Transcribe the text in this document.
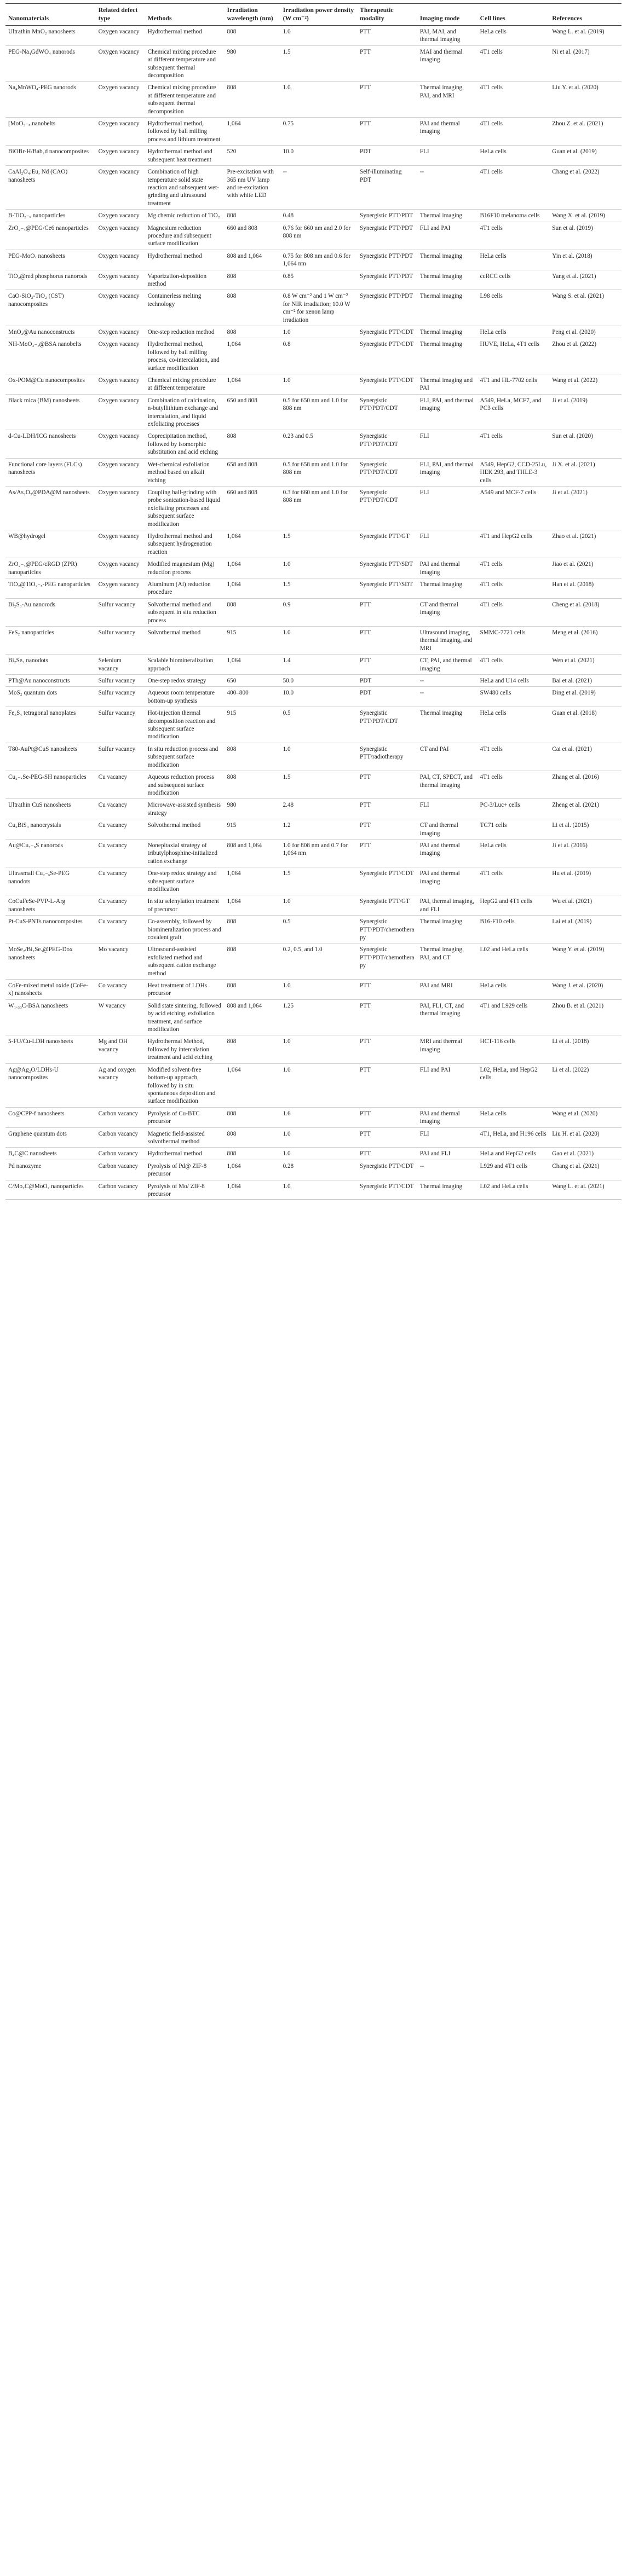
Nanomaterials	Related defect type	Methods	Irradiation wavelength (nm)	Irradiation power density (W cm⁻²)	Therapeutic modality	Imaging mode	Cell lines	References
Ultrathin MnO₂ nanosheets	Oxygen vacancy	Hydrothermal method	808	1.0	PTT	PAI, MAI, and thermal imaging	HeLa cells	Wang L. et al. (2019)
PEG-Na₄GdWO₄ nanorods	Oxygen vacancy	Chemical mixing procedure at different temperature and subsequent thermal decomposition	980	1.5	PTT	MAI and thermal imaging	4T1 cells	Ni et al. (2017)
Na₄MnWO₄-PEG nanorods	Oxygen vacancy	Chemical mixing procedure at different temperature and subsequent thermal decomposition	808	1.0	PTT	Thermal imaging, PAI, and MRI	4T1 cells	Liu Y. et al. (2020)
[MoO₃₋ₓ nanobelts	Oxygen vacancy	Hydrothermal method, followed by ball milling process and lithium treatment	1,064	0.75	PTT	PAI and thermal imaging	4T1 cells	Zhou Z. et al. (2021)
BiOBr-H/Bab₂d nanocomposites	Oxygen vacancy	Hydrothermal method and subsequent heat treatment	520	10.0	PDT	FLI	HeLa cells	Guan et al. (2019)
CaAl₂O₄:Eu, Nd (CAO) nanosheets	Oxygen vacancy	Combination of high temperature solid state reaction and subsequent wet-grinding and ultrasound treatment	Pre-excitation with 365 nm UV lamp and re-excitation with white LED	--	Self-illuminating PDT	--	4T1 cells	Chang et al. (2022)
B-TiO₂₋ₓ nanoparticles	Oxygen vacancy	Mg chemic reduction of TiO₂	808	0.48	Synergistic PTT/PDT	Thermal imaging	B16F10 melanoma cells	Wang X. et al. (2019)
ZrO₂₋ₓ@PEG/Ce6 nanoparticles	Oxygen vacancy	Magnesium reduction procedure and subsequent surface modification	660 and 808	0.76 for 660 nm and 2.0 for 808 nm	Synergistic PTT/PDT	FLI and PAI	4T1 cells	Sun et al. (2019)
PEG-MoOₓ nanosheets	Oxygen vacancy	Hydrothermal method	808 and 1,064	0.75 for 808 nm and 0.6 for 1,064 nm	Synergistic PTT/PDT	Thermal imaging	HeLa cells	Yin et al. (2018)
TiO₂@red phosphorus nanorods	Oxygen vacancy	Vaporization-deposition method	808	0.85	Synergistic PTT/PDT	Thermal imaging	ccRCC cells	Yang et al. (2021)
CaO-SiO₂-TiO₂ (CST) nanocomposites	Oxygen vacancy	Containerless melting technology	808	0.8 W cm⁻² and 1 W cm⁻² for NIR irradiation; 10.0 W cm⁻² for xenon lamp irradiation	Synergistic PTT/PDT	Thermal imaging	L98 cells	Wang S. et al. (2021)
MnO₂@Au nanoconstructs	Oxygen vacancy	One-step reduction method	808	1.0	Synergistic PTT/CDT	Thermal imaging	HeLa cells	Peng et al. (2020)
NH-MoO₃₋ₓ@BSA nanobelts	Oxygen vacancy	Hydrothermal method, followed by ball milling process, co-intercalation, and surface modification	1,064	0.8	Synergistic PTT/CDT	Thermal imaging	HUVE, HeLa, 4T1 cells	Zhou et al. (2022)
Ox-POM@Cu nanocomposites	Oxygen vacancy	Chemical mixing procedure at different temperature	1,064	1.0	Synergistic PTT/CDT	Thermal imaging and PAI	4T1 and HL-7702 cells	Wang et al. (2022)
Black mica (BM) nanosheets	Oxygen vacancy	Combination of calcination, n-butyllithium exchange and intercalation, and liquid exfoliating processes	650 and 808	0.5 for 650 nm and 1.0 for 808 nm	Synergistic PTT/PDT/CDT	FLI, PAI, and thermal imaging	A549, HeLa, MCF7, and PC3 cells	Ji et al. (2019)
d-Cu-LDH/ICG nanosheets	Oxygen vacancy	Coprecipitation method, followed by isomorphic substitution and acid etching	808	0.23 and 0.5	Synergistic PTT/PDT/CDT	FLI	4T1 cells	Sun et al. (2020)
Functional core layers (FLCs) nanosheets	Oxygen vacancy	Wet-chemical exfoliation method based on alkali etching	658 and 808	0.5 for 658 nm and 1.0 for 808 nm	Synergistic PTT/PDT/CDT	FLI, PAI, and thermal imaging	A549, HepG2, CCD-25Lu, HEK 293, and THLE-3 cells	Ji X. et al. (2021)
As/As₂O₃@PDA@M nanosheets	Oxygen vacancy	Coupling ball-grinding with probe sonication-based liquid exfoliating processes and subsequent surface modification	660 and 808	0.3 for 660 nm and 1.0 for 808 nm	Synergistic PTT/PDT/CDT	FLI	A549 and MCF-7 cells	Ji et al. (2021)
WB@hydrogel	Oxygen vacancy	Hydrothermal method and subsequent hydrogenation reaction	1,064	1.5	Synergistic PTT/GT	FLI	4T1 and HepG2 cells	Zhao et al. (2021)
ZrO₂₋ₓ@PEG/cRGD (ZPR) nanoparticles	Oxygen vacancy	Modified magnesium (Mg) reduction process	1,064	1.0	Synergistic PTT/SDT	PAI and thermal imaging	4T1 cells	Jiao et al. (2021)
TiO₂@TiO₂₋ₓ-PEG nanoparticles	Oxygen vacancy	Aluminum (Al) reduction procedure	1,064	1.5	Synergistic PTT/SDT	Thermal imaging	4T1 cells	Han et al. (2018)
Bi₂S₃-Au nanorods	Sulfur vacancy	Solvothermal method and subsequent in situ reduction process	808	0.9	PTT	CT and thermal imaging	4T1 cells	Cheng et al. (2018)
FeS₂ nanoparticles	Sulfur vacancy	Solvothermal method	915	1.0	PTT	Ultrasound imaging, thermal imaging, and MRI	SMMC-7721 cells	Meng et al. (2016)
Bi₂Se₃ nanodots	Selenium vacancy	Scalable biomineralization approach	1,064	1.4	PTT	CT, PAI, and thermal imaging	4T1 cells	Wen et al. (2021)
PTh@Au nanoconstructs	Sulfur vacancy	One-step redox strategy	650	50.0	PDT	--	HeLa and U14 cells	Bai et al. (2021)
MoS₂ quantum dots	Sulfur vacancy	Aqueous room temperature bottom-up synthesis	400–800	10.0	PDT	--	SW480 cells	Ding et al. (2019)
Fe₃S₄ tetragonal nanoplates	Sulfur vacancy	Hot-injection thermal decomposition reaction and subsequent surface modification	915	0.5	Synergistic PTT/PDT/CDT	Thermal imaging	HeLa cells	Guan et al. (2018)
T80-AuPt@CuS nanosheets	Sulfur vacancy	In situ reduction process and subsequent surface modification	808	1.0	Synergistic PTT/radiotherapy	CT and PAI	4T1 cells	Cai et al. (2021)
Cu₂₋ₓSe-PEG-SH nanoparticles	Cu vacancy	Aqueous reduction process and subsequent surface modification	808	1.5	PTT	PAI, CT, SPECT, and thermal imaging	4T1 cells	Zhang et al. (2016)
Ultrathin CuS nanosheets	Cu vacancy	Microwave-assisted synthesis strategy	980	2.48	PTT	FLI	PC-3/Luc+ cells	Zheng et al. (2021)
Cu₂BiS₃ nanocrystals	Cu vacancy	Solvothermal method	915	1.2	PTT	CT and thermal imaging	TC71 cells	Li et al. (2015)
Au@Cu₂₋ₓS nanorods	Cu vacancy	Nonepitaxial strategy of tributylphosphine-initialized cation exchange	808 and 1,064	1.0 for 808 nm and 0.7 for 1,064 nm	PTT	PAI and thermal imaging	HeLa cells	Ji et al. (2016)
Ultrasmall Cu₂₋ₓSe-PEG nanodots	Cu vacancy	One-step redox strategy and subsequent surface modification	1,064	1.5	Synergistic PTT/CDT	PAI and thermal imaging	4T1 cells	Hu et al. (2019)
CoCuFeSe-PVP-L-Arg nanosheets	Cu vacancy	In situ selenylation treatment of precursor	1,064	1.0	Synergistic PTT/GT	PAI, thermal imaging, and FLI	HepG2 and 4T1 cells	Wu et al. (2021)
Pt-CuS-PNTs nanocomposites	Cu vacancy	Co-assembly, followed by biomineralization process and covalent graft	808	0.5	Synergistic PTT/PDT/chemotherapy	Thermal imaging	B16-F10 cells	Lai et al. (2019)
MoSe₂/Bi₂Se₃@PEG-Dox nanosheets	Mo vacancy	Ultrasound-assisted exfoliated method and subsequent cation exchange method	808	0.2, 0.5, and 1.0	Synergistic PTT/PDT/chemotherapy	Thermal imaging, PAI, and CT	L02 and HeLa cells	Wang Y. et al. (2019)
CoFe-mixed metal oxide (CoFe-x) nanosheets	Co vacancy	Heat treatment of LDHs precursor	808	1.0	PTT	PAI and MRI	HeLa cells	Wang J. et al. (2020)
W₁.₃₃C-BSA nanosheets	W vacancy	Solid state sintering, followed by acid etching, exfoliation treatment, and surface modification	808 and 1,064	1.25	PTT	PAI, FLI, CT, and thermal imaging	4T1 and L929 cells	Zhou B. et al. (2021)
5-FU/Cu-LDH nanosheets	Mg and OH vacancy	Hydrothermal Method, followed by intercalation treatment and acid etching	808	1.0	PTT	MRI and thermal imaging	HCT-116 cells	Li et al. (2018)
Ag@Ag₂O/LDHs-U nanocomposites	Ag and oxygen vacancy	Modified solvent-free bottom-up approach, followed by in situ spontaneous deposition and surface modification	1,064	1.0	PTT	FLI and PAI	L02, HeLa, and HepG2 cells	Li et al. (2022)
Co@CPP-f nanosheets	Carbon vacancy	Pyrolysis of Cu-BTC precursor	808	1.6	PTT	PAI and thermal imaging	HeLa cells	Wang et al. (2020)
Graphene quantum dots	Carbon vacancy	Magnetic field-assisted solvothermal method	808	1.0	PTT	FLI	4T1, HeLa, and H196 cells	Liu H. et al. (2020)
B₄C@C nanosheets	Carbon vacancy	Hydrothermal method	808	1.0	PTT	PAI and FLI	HeLa and HepG2 cells	Gao et al. (2021)
Pd nanozyme	Carbon vacancy	Pyrolysis of Pd@ ZIF-8 precursor	1,064	0.28	Synergistic PTT/CDT	--	L929 and 4T1 cells	Chang et al. (2021)
C/Mo₂C@MoO₂ nanoparticles	Carbon vacancy	Pyrolysis of Mo/ ZIF-8 precursor	1,064	1.0	Synergistic PTT/CDT	Thermal imaging	L02 and HeLa cells	Wang L. et al. (2021)
